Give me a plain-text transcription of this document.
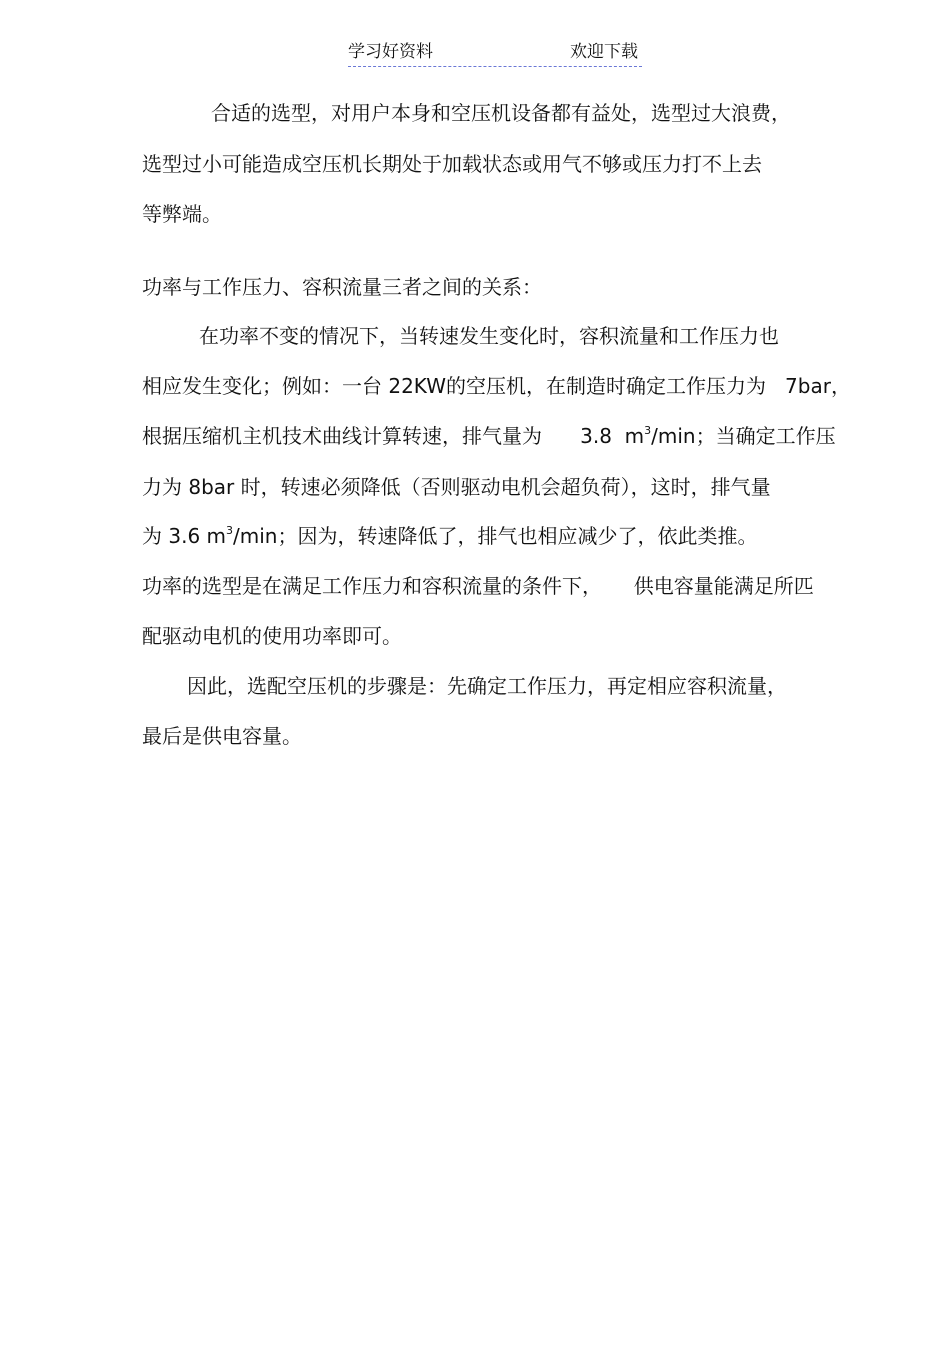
学习好资料	欢迎下载
合适的选型，对用户本身和空压机设备都有益处，选型过大浪费，
选型过小可能造成空压机长期处于加载状态或用气不够或压力打不上去
等弊端。
功率与工作压力、容积流量三者之间的关系：
在功率不变的情况下，当转速发生变化时，容积流量和工作压力也
相应发生变化；例如：一台 22KW的空压机，在制造时确定工作压力为   7bar，
根据压缩机主机技术曲线计算转速，排气量为      3.8  $m^3/\min$；当确定工作压
力为 8bar 时，转速必须降低（否则驱动电机会超负荷），这时，排气量
为 3.6 $m^3/\min$；因为，转速降低了，排气也相应减少了，依此类推。
功率的选型是在满足工作压力和容积流量的条件下，     供电容量能满足所匹
配驱动电机的使用功率即可。
因此，选配空压机的步骤是：先确定工作压力，再定相应容积流量，
最后是供电容量。
